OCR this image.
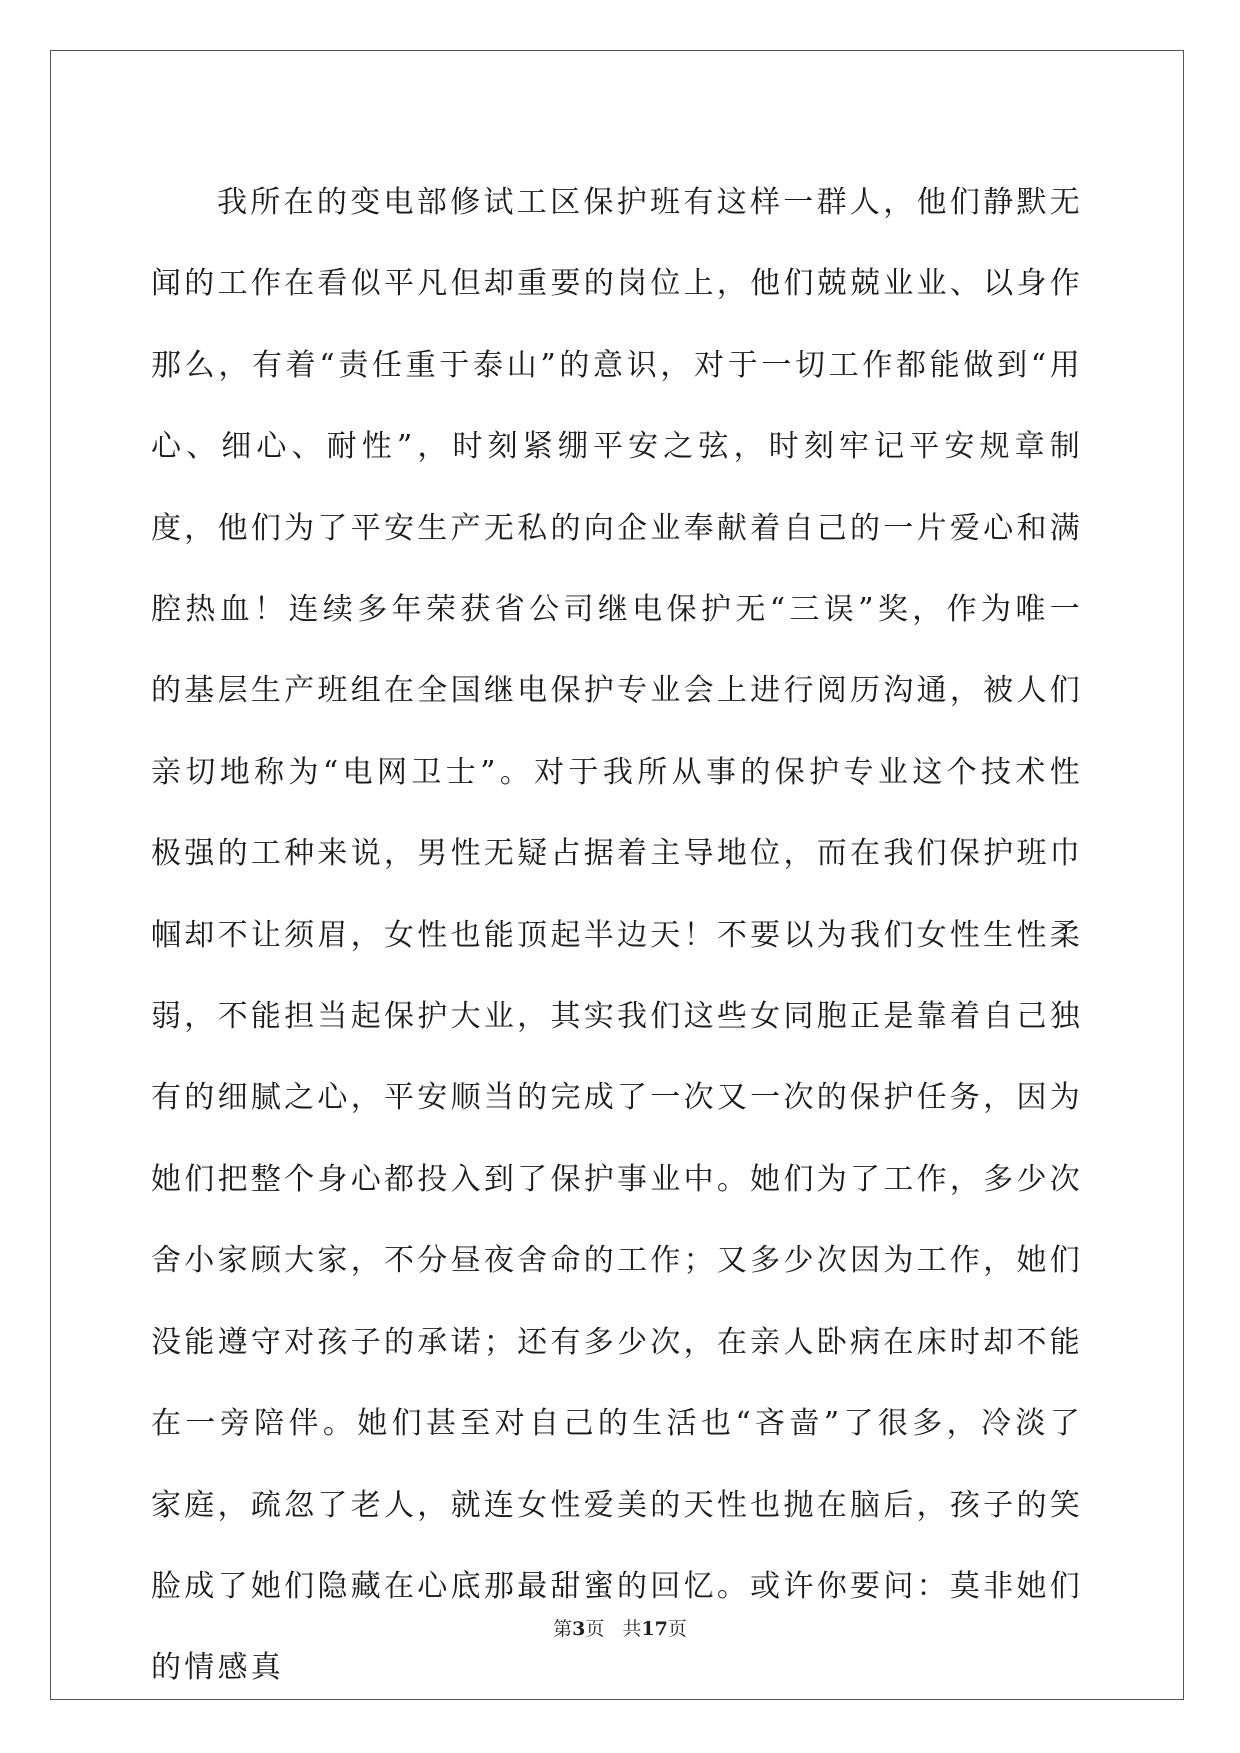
我所在的变电部修试工区保护班有这样一群人，他们静默无闻的工作在看似平凡但却重要的岗位上，他们兢兢业业、以身作那么，有着“责任重于泰山”的意识，对于一切工作都能做到“用心、细心、耐性”，时刻紧绷平安之弦，时刻牢记平安规章制度，他们为了平安生产无私的向企业奉献着自己的一片爱心和满腔热血！连续多年荣获省公司继电保护无“三误”奖，作为唯一的基层生产班组在全国继电保护专业会上进行阅历沟通，被人们亲切地称为“电网卫士”。对于我所从事的保护专业这个技术性极强的工种来说，男性无疑占据着主导地位，而在我们保护班巾帼却不让须眉，女性也能顶起半边天！不要以为我们女性生性柔弱，不能担当起保护大业，其实我们这些女同胞正是靠着自己独有的细腻之心，平安顺当的完成了一次又一次的保护任务，因为她们把整个身心都投入到了保护事业中。她们为了工作，多少次舍小家顾大家，不分昼夜舍命的工作；又多少次因为工作，她们没能遵守对孩子的承诺；还有多少次，在亲人卧病在床时却不能在一旁陪伴。她们甚至对自己的生活也“吝啬”了很多，冷淡了家庭，疏忽了老人，就连女性爱美的天性也抛在脑后，孩子的笑脸成了她们隐藏在心底那最甜蜜的回忆。或许你要问：莫非她们的情感真

第3页 共17页
